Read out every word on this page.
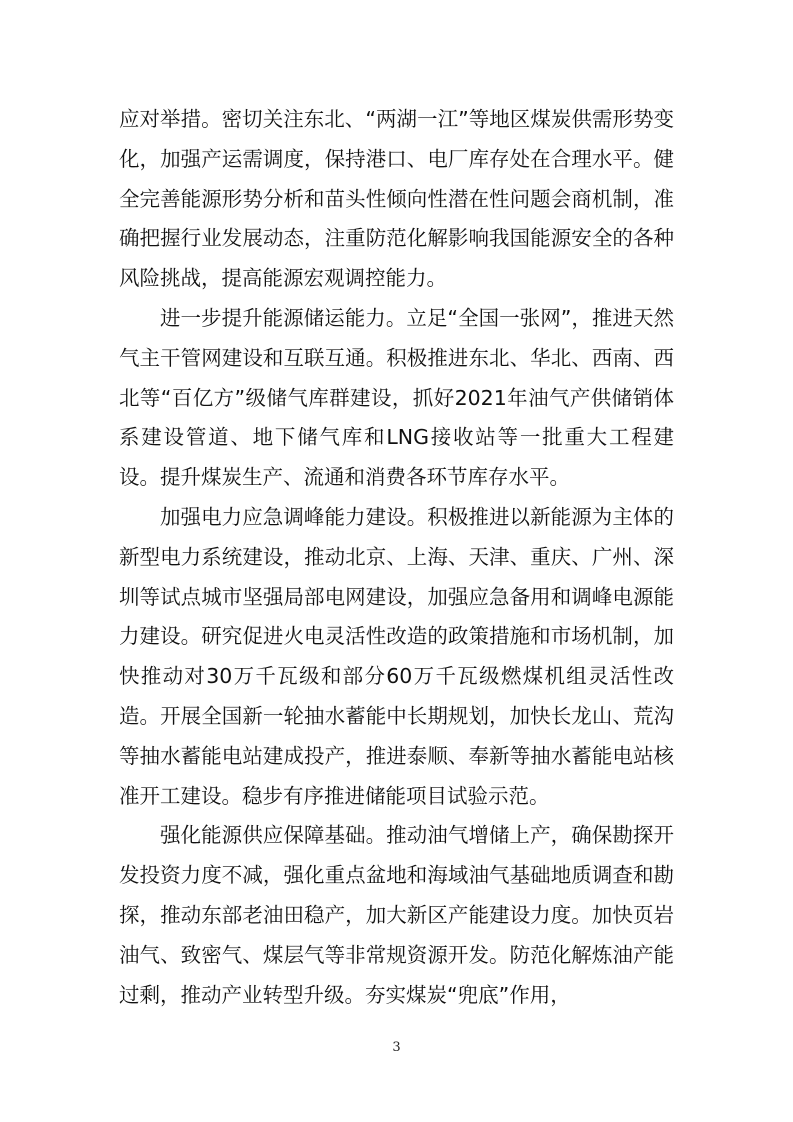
应对举措。密切关注东北、“两湖一江”等地区煤炭供需形势变化，加强产运需调度，保持港口、电厂库存处在合理水平。健全完善能源形势分析和苗头性倾向性潜在性问题会商机制，准确把握行业发展动态，注重防范化解影响我国能源安全的各种风险挑战，提高能源宏观调控能力。

进一步提升能源储运能力。立足“全国一张网”，推进天然气主干管网建设和互联互通。积极推进东北、华北、西南、西北等“百亿方”级储气库群建设，抓好2021年油气产供储销体系建设管道、地下储气库和LNG接收站等一批重大工程建设。提升煤炭生产、流通和消费各环节库存水平。

加强电力应急调峰能力建设。积极推进以新能源为主体的新型电力系统建设，推动北京、上海、天津、重庆、广州、深圳等试点城市坚强局部电网建设，加强应急备用和调峰电源能力建设。研究促进火电灵活性改造的政策措施和市场机制，加快推动对30万千瓦级和部分60万千瓦级燃煤机组灵活性改造。开展全国新一轮抽水蓄能中长期规划，加快长龙山、荒沟等抽水蓄能电站建成投产，推进泰顺、奉新等抽水蓄能电站核准开工建设。稳步有序推进储能项目试验示范。

强化能源供应保障基础。推动油气增储上产，确保勘探开发投资力度不减，强化重点盆地和海域油气基础地质调查和勘探，推动东部老油田稳产，加大新区产能建设力度。加快页岩油气、致密气、煤层气等非常规资源开发。防范化解炼油产能过剩，推动产业转型升级。夯实煤炭“兜底”作用，

3
